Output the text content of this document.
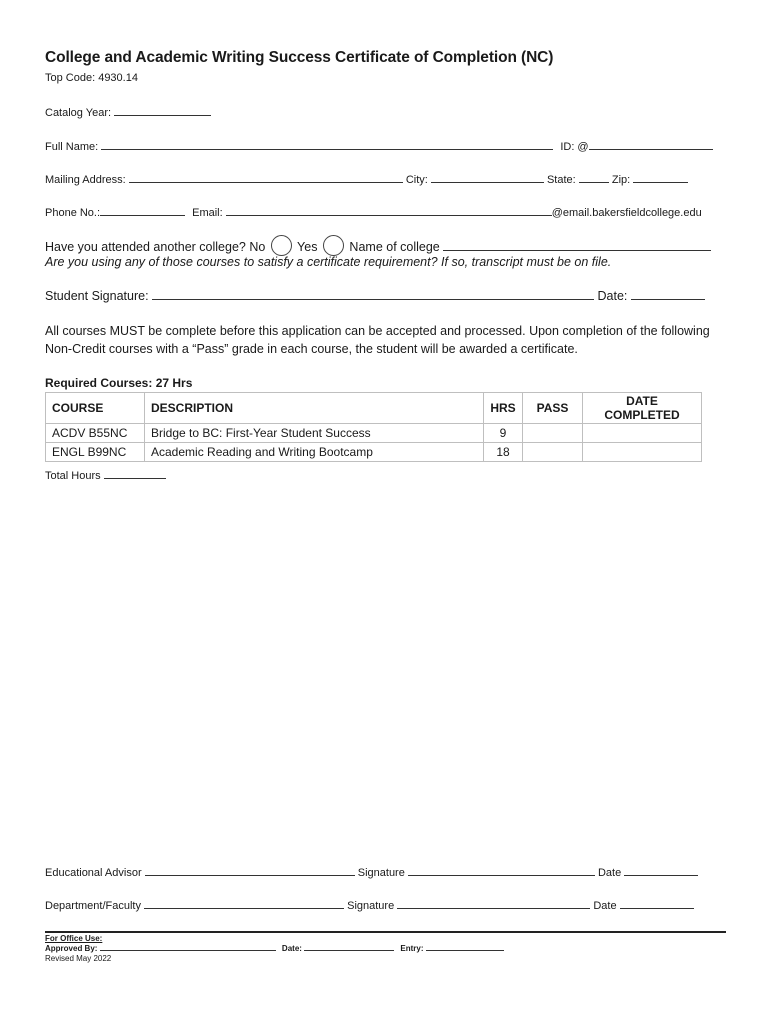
College and Academic Writing Success Certificate of Completion (NC)
Top Code: 4930.14
Catalog Year:
Full Name:	ID: @
Mailing Address:	City:	State:	Zip:
Phone No.:	Email:	@email.bakersfieldcollege.edu
Have you attended another college? No	Yes	Name of college
Are you using any of those courses to satisfy a certificate requirement? If so, transcript must be on file.
Student Signature:	Date:
All courses MUST be complete before this application can be accepted and processed. Upon completion of the following
Non-Credit courses with a “Pass” grade in each course, the student will be awarded a certificate.
Required Courses: 27 Hrs
COURSE	DESCRIPTION	HRS	PASS	DATE COMPLETED
ACDV B55NC	Bridge to BC: First-Year Student Success	9		
ENGL B99NC	Academic Reading and Writing Bootcamp	18		
Total Hours
Educational Advisor	Signature	Date
Department/Faculty	Signature	Date
For Office Use:
Approved By:	Date:	Entry:
Revised May 2022
